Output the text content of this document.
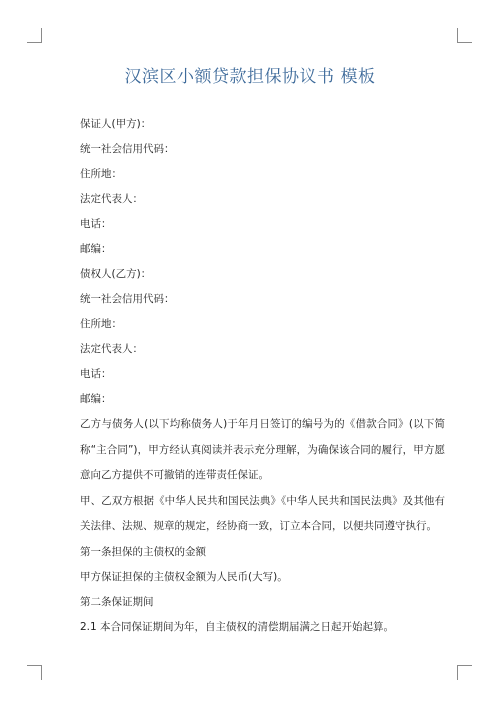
汉滨区小额贷款担保协议书 模板
保证人(甲方)：
统一社会信用代码：
住所地：
法定代表人：
电话：
邮编：
债权人(乙方)：
统一社会信用代码：
住所地：
法定代表人：
电话：
邮编：
乙方与债务人(以下均称债务人)于年月日签订的编号为的《借款合同》(以下简称“主合同”)，甲方经认真阅读并表示充分理解，为确保该合同的履行，甲方愿意向乙方提供不可撤销的连带责任保证。
甲、乙双方根据《中华人民共和国民法典》《中华人民共和国民法典》及其他有关法律、法规、规章的规定，经协商一致，订立本合同，以便共同遵守执行。
第一条担保的主债权的金额
甲方保证担保的主债权金额为人民币(大写)。
第二条保证期间
2.1 本合同保证期间为年，自主债权的清偿期届满之日起开始起算。
